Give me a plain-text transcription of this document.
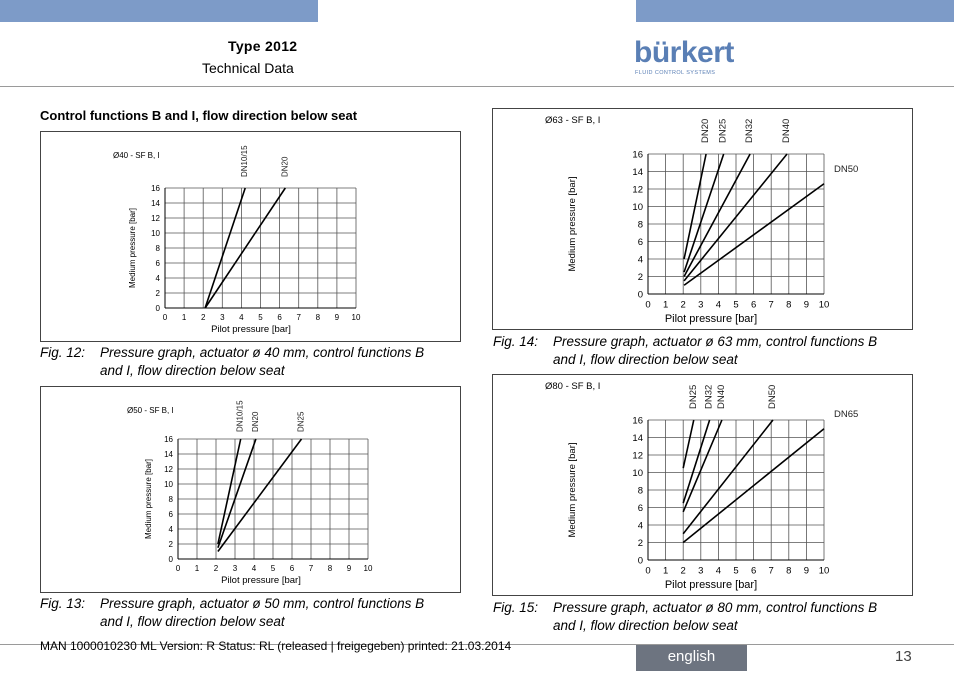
Type 2012
Technical Data	bürkert
FLUID CONTROL SYSTEMS
Control functions B and I, flow direction below seat
0 1 2 3 4 5 6 7 8 9 10
0
2
4
6
8
10
12
14
16
DN10/15	DN20
Ø40 - SF B, I
Medium pressure [bar]
Pilot pressure [bar]
Fig. 12: Pressure graph, actuator ø 40 mm, control functions B
and I, flow direction below seat
0 1 2 3 4 5 6 7 8 9 10
0
2
4
6
8
10
12
14
16
DN10/15 DN20	DN25
Ø50 - SF B, I
Medium pressure [bar]
Pilot pressure [bar]
Fig. 13: Pressure graph, actuator ø 50 mm, control functions B
and I, flow direction below seat
0 1 2 3 4 5 6 7 8 9 10
0
2
4
6
8
10
12
14
16
DN20 DN25 DN32	DN40
DN50
Ø63 - SF B, I
Medium pressure [bar]
Pilot pressure [bar]
Fig. 14: Pressure graph, actuator ø 63 mm, control functions B
and I, flow direction below seat
0 1 2 3 4 5 6 7 8 9 10
0
2
4
6
8
10
12
14
16
DN25 DN32 DN40	DN50
DN65
Ø80 - SF B, I
Medium pressure [bar]
Pilot pressure [bar]
Fig. 15: Pressure graph, actuator ø 80 mm, control functions B
and I, flow direction below seat
MAN 1000010230 ML Version: R Status: RL (released | freigegeben) printed: 21.03.2014
english	13
